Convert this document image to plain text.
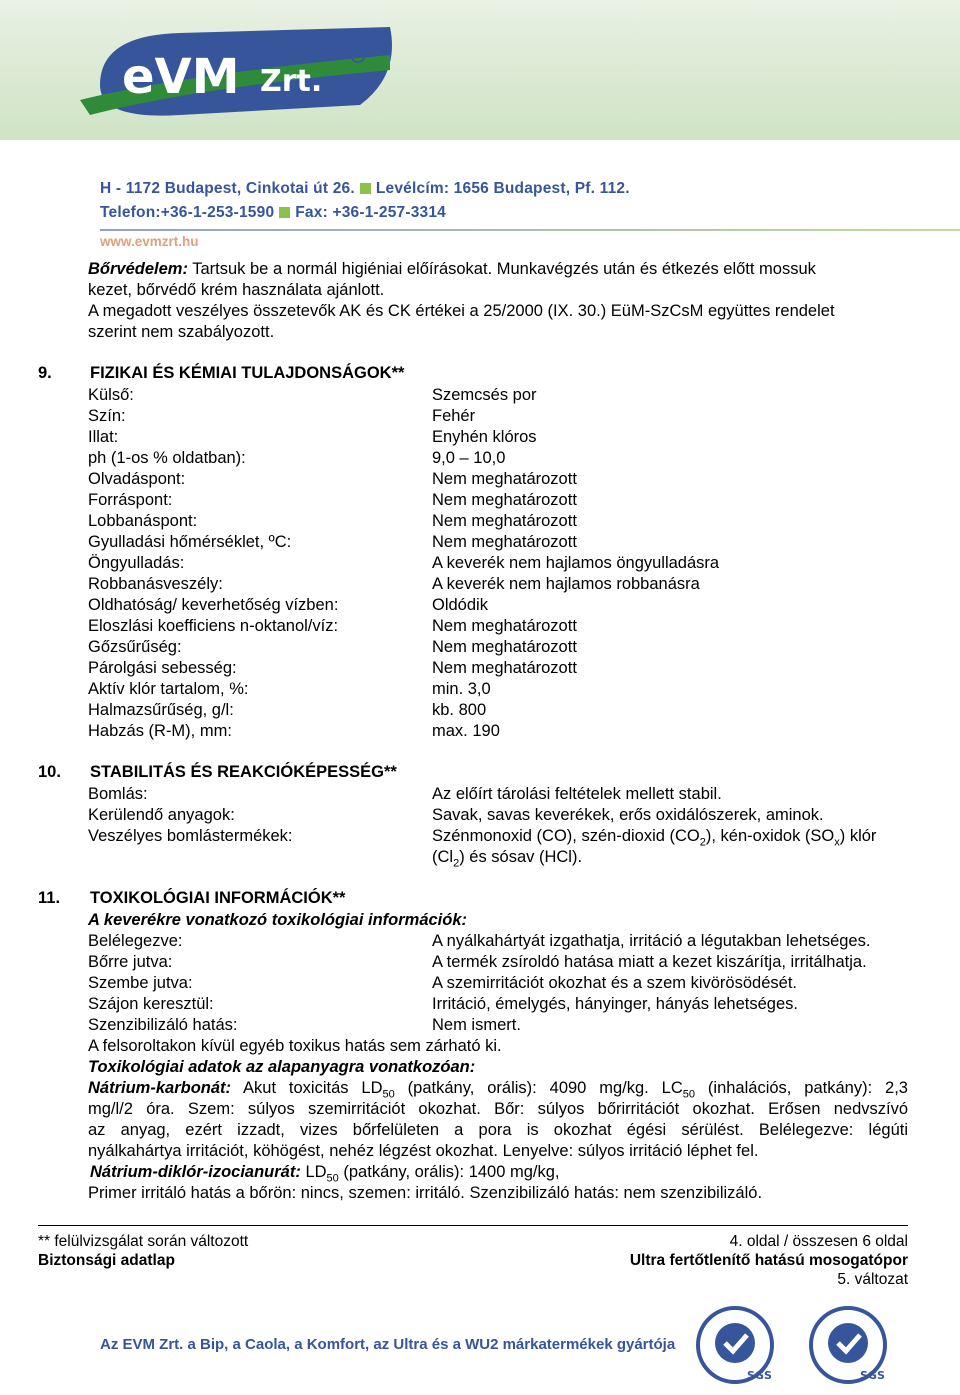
eVM Zrt.
H - 1172 Budapest, Cinkotai út 26. Levélcím: 1656 Budapest, Pf. 112.
Telefon:+36-1-253-1590 Fax: +36-1-257-3314
www.evmzrt.hu
Bőrvédelem: Tartsuk be a normál higiéniai előírásokat. Munkavégzés után és étkezés előtt mossuk
kezet, bőrvédő krém használata ajánlott.
A megadott veszélyes összetevők AK és CK értékei a 25/2000 (IX. 30.) EüM-SzCsM együttes rendelet
szerint nem szabályozott.
9. FIZIKAI ÉS KÉMIAI TULAJDONSÁGOK**
Külső:	Szemcsés por
Szín:	Fehér
Illat:	Enyhén klóros
ph (1-os % oldatban):	9,0 – 10,0
Olvadáspont:	Nem meghatározott
Forráspont:	Nem meghatározott
Lobbanáspont:	Nem meghatározott
Gyulladási hőmérséklet, ºC:	Nem meghatározott
Öngyulladás:	A keverék nem hajlamos öngyulladásra
Robbanásveszély:	A keverék nem hajlamos robbanásra
Oldhatóság/ keverhetőség vízben:	Oldódik
Eloszlási koefficiens n-oktanol/víz:	Nem meghatározott
Gőzsűrűség:	Nem meghatározott
Párolgási sebesség:	Nem meghatározott
Aktív klór tartalom, %:	min. 3,0
Halmazsűrűség, g/l:	kb. 800
Habzás (R-M), mm:	max. 190
10. STABILITÁS ÉS REAKCIÓKÉPESSÉG**
Bomlás:	Az előírt tárolási feltételek mellett stabil.
Kerülendő anyagok:	Savak, savas keverékek, erős oxidálószerek, aminok.
Veszélyes bomlástermékek:	Szénmonoxid (CO), szén-dioxid $(CO_2)$, kén-oxidok $(SO_x)$ klór
$(Cl_2)$ és sósav (HCl).
11. TOXIKOLÓGIAI INFORMÁCIÓK**
A keverékre vonatkozó toxikológiai információk:
Belélegezve:	A nyálkahártyát izgathatja, irritáció a légutakban lehetséges.
Bőrre jutva:	A termék zsíroldó hatása miatt a kezet kiszárítja, irritálhatja.
Szembe jutva:	A szemirritációt okozhat és a szem kivörösödését.
Szájon keresztül:	Irritáció, émelygés, hányinger, hányás lehetséges.
Szenzibilizáló hatás:	Nem ismert.
A felsoroltakon kívül egyéb toxikus hatás sem zárható ki.
Toxikológiai adatok az alapanyagra vonatkozóan:
Nátrium-karbonát: Akut toxicitás $LD_{50}$ (patkány, orális): 4090 mg/kg. $LC_{50}$ (inhalációs, patkány): 2,3
mg/l/2 óra. Szem: súlyos szemirritációt okozhat. Bőr: súlyos bőrirritációt okozhat. Erősen nedvszívó
az anyag, ezért izzadt, vizes bőrfelületen a pora is okozhat égési sérülést. Belélegezve: légúti
nyálkahártya irritációt, köhögést, nehéz légzést okozhat. Lenyelve: súlyos irritáció léphet fel.
Nátrium-diklór-izocianurát: $LD_{50}$ (patkány, orális): 1400 mg/kg,
Primer irritáló hatás a bőrön: nincs, szemen: irritáló. Szenzibilizáló hatás: nem szenzibilizáló.
** felülvizsgálat során változott
Biztonsági adatlap
4. oldal / összesen 6 oldal
Ultra fertőtlenítő hatású mosogatópor
5. változat
Az EVM Zrt. a Bip, a Caola, a Komfort, az Ultra és a WU2 márkatermékek gyártója
SGS	SGS
